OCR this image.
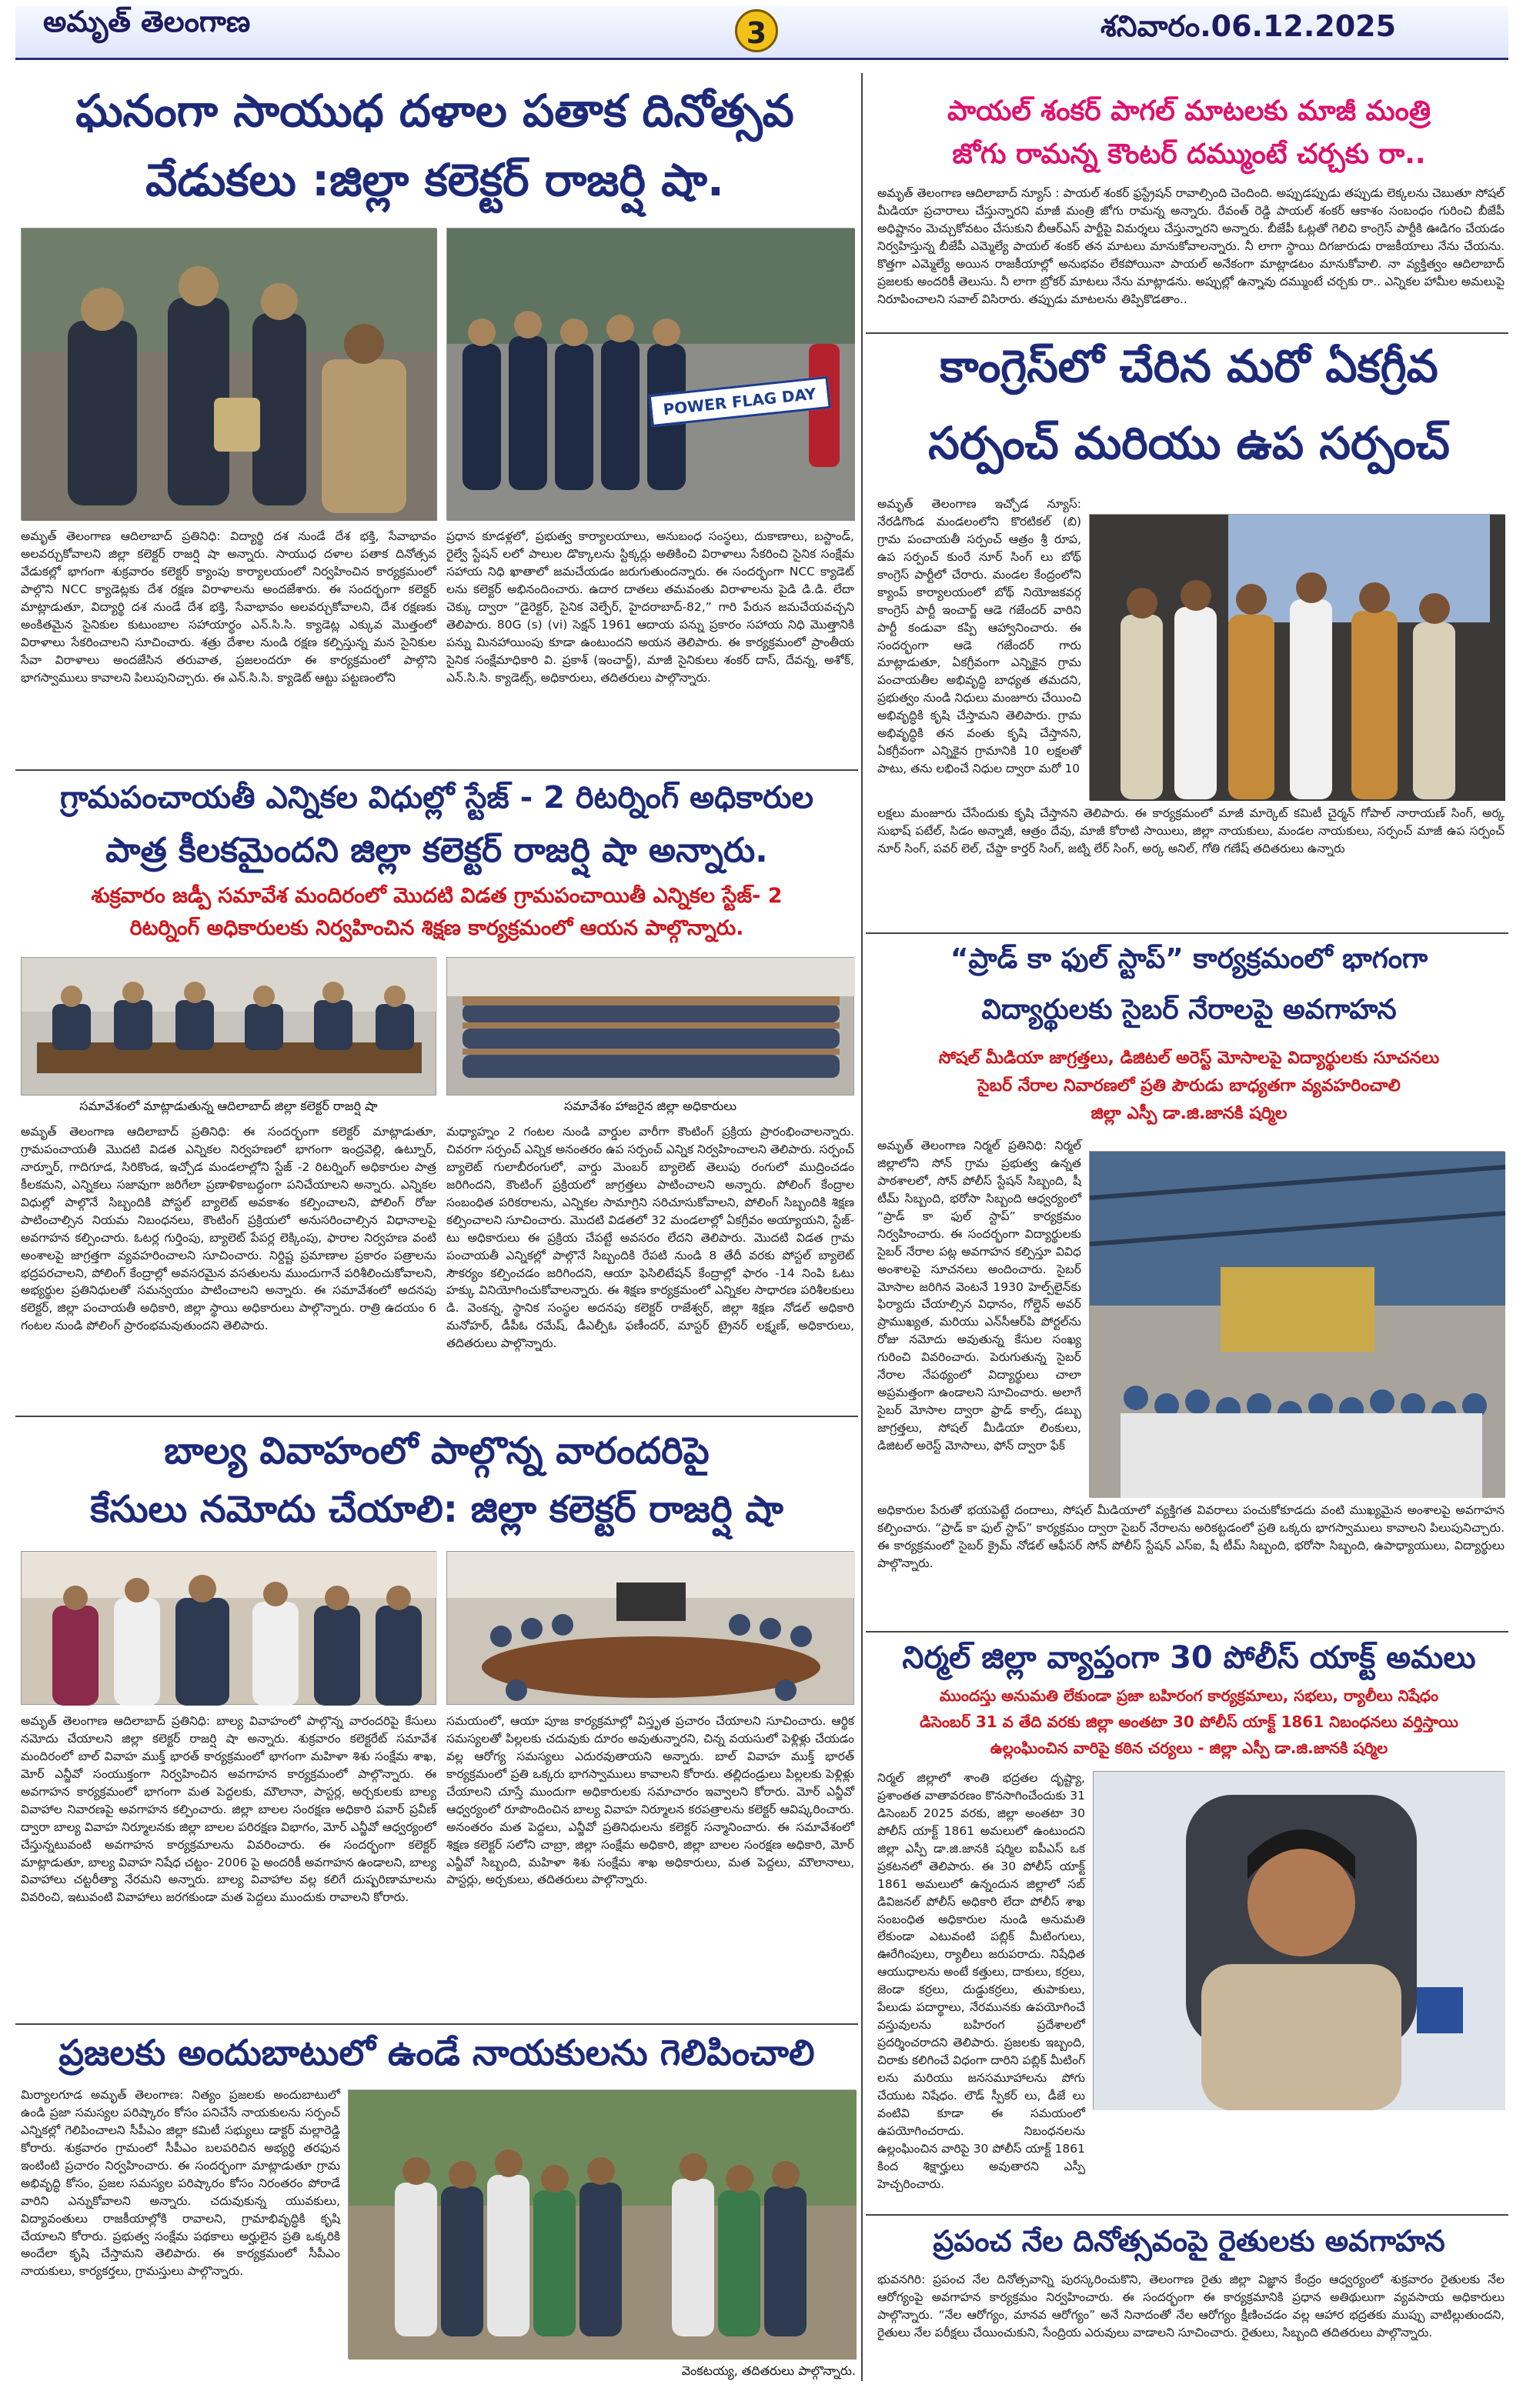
అమృత్ తెలంగాణ	3	శనివారం.06.12.2025
ఘనంగా సాయుధ దళాల పతాక దినోత్సవ
వేడుకలు :జిల్లా కలెక్టర్ రాజర్షి షా.
POWER FLAG DAY
అమృత్ తెలంగాణ ఆదిలాబాద్ ప్రతినిధి: విద్యార్థి దశ నుండే దేశ భక్తి, సేవాభావం అలవర్చుకోవాలని జిల్లా కలెక్టర్ రాజర్షి షా అన్నారు. సాయుధ దళాల పతాక దినోత్సవ వేడుకల్లో భాగంగా శుక్రవారం కలెక్టర్ క్యాంపు కార్యాలయంలో నిర్వహించిన కార్యక్రమంలో పాల్గొని NCC క్యాడెట్లకు దేశ రక్షణ విరాళాలను అందజేశారు. ఈ సందర్భంగా కలెక్టర్ మాట్లాడుతూ, విద్యార్థి దశ నుండే దేశ భక్తి, సేవాభావం అలవర్చుకోవాలని, దేశ రక్షణకు అంకితమైన సైనికుల కుటుంబాల సహాయార్థం ఎన్.సి.సి. క్యాడెట్ల ఎక్కువ మొత్తంలో విరాళాలు సేకరించాలని సూచించారు. శత్రు దేశాల నుండి రక్షణ కల్పిస్తున్న మన సైనికుల సేవా విరాళాలు అందజేసిన తరువాత, ప్రజలందరూ ఈ కార్యక్రమంలో పాల్గొని భాగస్వాములు కావాలని పిలుపునిచ్చారు. ఈ ఎన్.సి.సి. క్యాడెట్ ఆట్టు పట్టణంలోని
ప్రధాన కూడళ్లలో, ప్రభుత్వ కార్యాలయాలు, అనుబంధ సంస్థలు, దుకాణాలు, బస్టాండ్, రైల్వే స్టేషన్ లలో పాలుల డొక్కాలను స్టిక్కర్లు అతికించి విరాళాలు సేకరించి సైనిక సంక్షేమ సహాయ నిధి ఖాతాలో జమచేయడం జరుగుతుందన్నారు. ఈ సందర్భంగా NCC క్యాడెట్ లను కలెక్టర్ అభినందించారు. ఉదార దాతలు తమవంతు విరాళాలను పైడి డి.డి. లేదా చెక్కు ద్వారా “డైరెక్టర్, సైనిక వెల్ఫేర్, హైదరాబాద్-82,” గారి పేరున జమచేయవచ్చని తెలిపారు. 80G (s) (vi) సెక్షన్ 1961 ఆదాయ పన్ను ప్రకారం సహాయ నిధి మొత్తానికి పన్ను మినహాయింపు కూడా ఉంటుందని అయన తెలిపారు. ఈ కార్యక్రమంలో ప్రాంతీయ సైనిక సంక్షేమాధికారి వి. ప్రకాశ్ (ఇంచార్జ్), మాజీ సైనికులు శంకర్ దాస్, దేవన్న, అశోక్, ఎన్.సి.సి. క్యాడెట్స్, అధికారులు, తదితరులు పాల్గొన్నారు.
గ్రామపంచాయతీ ఎన్నికల విధుల్లో స్టేజ్ - 2 రిటర్నింగ్ అధికారుల
పాత్ర కీలకమైందని జిల్లా కలెక్టర్ రాజర్షి షా అన్నారు.
శుక్రవారం జడ్పీ సమావేశ మందిరంలో మొదటి విడత గ్రామపంచాయితీ ఎన్నికల స్టేజ్- 2
రిటర్నింగ్ అధికారులకు నిర్వహించిన శిక్షణ కార్యక్రమంలో ఆయన పాల్గొన్నారు.
సమావేశంలో మాట్లాడుతున్న ఆదిలాబాద్ జిల్లా కలెక్టర్ రాజర్షి షా	సమావేశం హాజరైన జిల్లా అధికారులు
అమృత్ తెలంగాణ ఆదిలాబాద్ ప్రతినిధి: ఈ సందర్భంగా కలెక్టర్ మాట్లాడుతూ, గ్రామపంచాయతీ మొదటి విడత ఎన్నికల నిర్వహణలో భాగంగా ఇంద్రవెల్లి, ఉట్నూర్, నార్నూర్, గాదిగూడ, సిరికొండ, ఇచ్చోడ మండలాల్లోని స్టేజ్ -2 రిటర్నింగ్ అధికారుల పాత్ర కీలకమని, ఎన్నికలు సజావుగా జరిగేలా ప్రణాళికాబద్ధంగా పనిచేయాలని అన్నారు. ఎన్నికల విధుల్లో పాల్గొనే సిబ్బందికి పోస్టల్ బ్యాలెట్ అవకాశం కల్పించాలని, పోలింగ్ రోజు పాటించాల్సిన నియమ నిబంధనలు, కౌంటింగ్ ప్రక్రియలో అనుసరించాల్సిన విధానాలపై అవగాహన కల్పించారు. ఓటర్ల గుర్తింపు, బ్యాలెట్ పేపర్ల లెక్కింపు, ఫారాల నిర్వహణ వంటి అంశాలపై జాగ్రత్తగా వ్యవహరించాలని సూచించారు. నిర్దిష్ట ప్రమాణాల ప్రకారం పత్రాలను భద్రపరచాలని, పోలింగ్ కేంద్రాల్లో అవసరమైన వసతులను ముందుగానే పరిశీలించుకోవాలని, అభ్యర్థుల ప్రతినిధులతో సమన్వయం పాటించాలని అన్నారు. ఈ సమావేశంలో అదనపు కలెక్టర్, జిల్లా పంచాయతీ అధికారి, జిల్లా స్థాయి అధికారులు పాల్గొన్నారు. రాత్రి ఉదయం 6 గంటల నుండి పోలింగ్ ప్రారంభమవుతుందని తెలిపారు.
మధ్యాహ్నం 2 గంటల నుండి వార్డుల వారీగా కౌంటింగ్ ప్రక్రియ ప్రారంభించాలన్నారు. చివరగా సర్పంచ్ ఎన్నిక అనంతరం ఉప సర్పంచ్ ఎన్నిక నిర్వహించాలని తెలిపారు. సర్పంచ్ బ్యాలెట్ గులాబీరంగులో, వార్డు మెంబర్ బ్యాలెట్ తెలుపు రంగులో ముద్రించడం జరిగిందని, కౌంటింగ్ ప్రక్రియలో జాగ్రత్తలు పాటించాలని అన్నారు. పోలింగ్ కేంద్రాల సంబంధిత పరికరాలను, ఎన్నికల సామాగ్రిని సరిచూసుకోవాలని, పోలింగ్ సిబ్బందికి శిక్షణ కల్పించాలని సూచించారు. మొదటి విడతలో 32 మండలాల్లో ఏకగ్రీవం అయ్యాయని, స్టేజ్- టు అధికారులు ఈ ప్రక్రియ చేపట్టే అవసరం లేదని తెలిపారు. మొదటి విడత గ్రామ పంచాయతీ ఎన్నికల్లో పాల్గొనే సిబ్బందికి రేపటి నుండి 8 తేదీ వరకు పోస్టల్ బ్యాలెట్ సౌకర్యం కల్పించడం జరిగిందని, ఆయా ఫెసిలిటేషన్ కేంద్రాల్లో ఫారం -14 నింపి ఓటు హక్కు వినియోగించుకోవాలన్నారు. ఈ శిక్షణ కార్యక్రమంలో ఎన్నికల సాధారణ పరిశీలకులు డి. వెంకన్న, స్థానిక సంస్థల అదనపు కలెక్టర్ రాజేశ్వర్, జిల్లా శిక్షణ నోడల్ అధికారి మనోహర్, డీపీఓ రమేష్, డీఎల్పీఓ ఫణీందర్, మాస్టర్ ట్రైనర్ లక్ష్మణ్, అధికారులు, తదితరులు పాల్గొన్నారు.
బాల్య వివాహంలో పాల్గొన్న వారందరిపై
కేసులు నమోదు చేయాలి: జిల్లా కలెక్టర్ రాజర్షి షా
అమృత్ తెలంగాణ ఆదిలాబాద్ ప్రతినిధి: బాల్య వివాహంలో పాల్గొన్న వారందరిపై కేసులు నమోదు చేయాలని జిల్లా కలెక్టర్ రాజర్షి షా అన్నారు. శుక్రవారం కలెక్టరేట్ సమావేశ మందిరంలో బాల్ వివాహ ముక్త్ భారత్ కార్యక్రమంలో భాగంగా మహిళా శిశు సంక్షేమ శాఖ, మోర్ ఎన్జీవో సంయుక్తంగా నిర్వహించిన అవగాహన కార్యక్రమంలో పాల్గొన్నారు. ఈ అవగాహన కార్యక్రమంలో భాగంగా మత పెద్దలకు, మౌలానా, పాస్టర్ల, అర్చకులకు బాల్య వివాహాల నివారణపై అవగాహన కల్పించారు. జిల్లా బాలల సంరక్షణ అధికారి పవార్ ప్రవీణ్ ద్వారా బాల్య వివాహ నిర్మూలనకు జిల్లా బాలల పరిరక్షణ విభాగం, మోర్ ఎన్జీవో ఆధ్వర్యంలో చేస్తున్నటువంటి అవగాహన కార్యక్రమాలను వివరించారు. ఈ సందర్భంగా కలెక్టర్ మాట్లాడుతూ, బాల్య వివాహ నిషేధ చట్టం- 2006 పై అందరికీ అవగాహన ఉండాలని, బాల్య వివాహాలు చట్టరీత్యా నేరమని అన్నారు. బాల్య వివాహాల వల్ల కలిగే దుష్పరిణామాలను వివరించి, ఇటువంటి వివాహాలు జరగకుండా మత పెద్దలు ముందుకు రావాలని కోరారు.
సమయంలో, ఆయా పూజ కార్యక్రమాల్లో విస్తృత ప్రచారం చేయాలని సూచించారు. ఆర్థిక సమస్యలతో పిల్లలకు చదువుకు దూరం అవుతున్నారని, చిన్న వయసులో పెళ్లిళ్లు చేయడం వల్ల ఆరోగ్య సమస్యలు ఎదురవుతాయని అన్నారు. బాల్ వివాహ ముక్త్ భారత్ కార్యక్రమంలో ప్రతి ఒక్కరు భాగస్వాములు కావాలని కోరారు. తల్లిదండ్రులు పిల్లలకు పెళ్లిళ్లు చేయాలని చూస్తే ముందుగా అధికారులకు సమాచారం ఇవ్వాలని కోరారు. మోర్ ఎన్జీవో ఆధ్వర్యంలో రూపొందించిన బాల్య వివాహ నిర్మూలన కరపత్రాలను కలెక్టర్ ఆవిష్కరించారు. అనంతరం మత పెద్దలు, ఎన్జీవో ప్రతినిధులను కలెక్టర్ సన్మానించారు. ఈ సమావేశంలో శిక్షణ కలెక్టర్ సలోని చాబ్రా, జిల్లా సంక్షేమ అధికారి, జిల్లా బాలల సంరక్షణ అధికారి, మోర్ ఎన్జీవో సిబ్బంది, మహిళా శిశు సంక్షేమ శాఖ అధికారులు, మత పెద్దలు, మౌలానాలు, పాస్టర్లు, అర్చకులు, తదితరులు పాల్గొన్నారు.
ప్రజలకు అందుబాటులో ఉండే నాయకులను గెలిపించాలి
మిర్యాలగూడ అమృత్ తెలంగాణ: నిత్యం ప్రజలకు అందుబాటులో ఉండి ప్రజా సమస్యల పరిష్కారం కోసం పనిచేసే నాయకులను సర్పంచ్ ఎన్నికల్లో గెలిపించాలని సీపీఎం జిల్లా కమిటీ సభ్యులు డాక్టర్ మల్లారెడ్డి కోరారు. శుక్రవారం గ్రామంలో సీపీఎం బలపరిచిన అభ్యర్థి తరఫున ఇంటింటి ప్రచారం నిర్వహించారు. ఈ సందర్భంగా మాట్లాడుతూ గ్రామ అభివృద్ధి కోసం, ప్రజల సమస్యల పరిష్కారం కోసం నిరంతరం పోరాడే వారిని ఎన్నుకోవాలని అన్నారు. చదువుకున్న యువకులు, విద్యావంతులు రాజకీయాల్లోకి రావాలని, గ్రామాభివృద్ధికి కృషి చేయాలని కోరారు. ప్రభుత్వ సంక్షేమ పథకాలు అర్హులైన ప్రతి ఒక్కరికి అందేలా కృషి చేస్తామని తెలిపారు. ఈ కార్యక్రమంలో సీపీఎం నాయకులు, కార్యకర్తలు, గ్రామస్తులు పాల్గొన్నారు.
వెంకటయ్య, తదితరులు పాల్గొన్నారు.
పాయల్ శంకర్ పాగల్ మాటలకు మాజీ మంత్రి
జోగు రామన్న కౌంటర్ దమ్ముంటే చర్చకు రా..
అమృత్ తెలంగాణ ఆదిలాబాద్ న్యూస్ : పాయల్ శంకర్ ఫ్రస్ట్రేషన్ రావాల్సింది చెందింది. అప్పుడప్పుడు తప్పుడు లెక్కలను చెబుతూ సోషల్ మీడియా ప్రచారాలు చేస్తున్నారని మాజీ మంత్రి జోగు రామన్న అన్నారు. రేవంత్ రెడ్డి పాయల్ శంకర్ ఆకాశం సంబంధం గురించి బీజేపీ అధిష్టానం మెచ్చుకోవటం చేసుకుని బీఆర్ఎస్ పార్టీపై విమర్శలు చేస్తున్నారని అన్నారు. బీజేపీ ఓట్లతో గెలిచి కాంగ్రెస్ పార్టీకి ఊడిగం చేయడం నిర్వహిస్తున్న బీజేపీ ఎమ్మెల్యే పాయల్ శంకర్ తన మాటలు మానుకోవాలన్నారు. నీ లాగా స్థాయి దిగజారుడు రాజకీయాలు నేను చేయను. కొత్తగా ఎమ్మెల్యే అయిన రాజకీయాల్లో అనుభవం లేకపోయినా పాయల్ అనేకంగా మాట్లాడటం మానుకోవాలి. నా వ్యక్తిత్వం ఆదిలాబాద్ ప్రజలకు అందరికీ తెలుసు. నీ లాగా బ్రోకర్ మాటలు నేను మాట్లాడను. అప్పుల్లో ఉన్నావు దమ్ముంటే చర్చకు రా.. ఎన్నికల హామీల అమలుపై నిరూపించాలని సవాల్ విసిరారు. తప్పుడు మాటలను తిప్పికొడతాం..
కాంగ్రెస్‌లో చేరిన మరో ఏకగ్రీవ
సర్పంచ్ మరియు ఉప సర్పంచ్
అమృత్ తెలంగాణ ఇచ్చోడ న్యూస్: నేరడిగొండ మండలంలోని కొరటికల్ (బి) గ్రామ పంచాయతీ సర్పంచ్ ఆత్రం శ్రీ రూప, ఉప సర్పంచ్ కుంరే నూర్ సింగ్ లు బోథ్ కాంగ్రెస్ పార్టీలో చేరారు. మండల కేంద్రంలోని క్యాంప్ కార్యాలయంలో బోథ్ నియోజకవర్గ కాంగ్రెస్ పార్టీ ఇంచార్జ్ ఆడె గజేందర్ వారిని పార్టీ కండువా కప్పి ఆహ్వానించారు. ఈ సందర్భంగా ఆడె గజేందర్ గారు మాట్లాడుతూ, ఏకగ్రీవంగా ఎన్నికైన గ్రామ పంచాయతీల అభివృద్ధి బాధ్యత తమదని, ప్రభుత్వం నుండి నిధులు మంజూరు చేయించి అభివృద్ధికి కృషి చేస్తామని తెలిపారు. గ్రామ అభివృద్ధికి తన వంతు కృషి చేస్తానని, ఏకగ్రీవంగా ఎన్నికైన గ్రామానికి 10 లక్షలతో పాటు, తను లభించే నిధుల ద్వారా మరో 10
లక్షలు మంజూరు చేసేందుకు కృషి చేస్తానని తెలిపారు. ఈ కార్యక్రమంలో మాజీ మార్కెట్ కమిటీ చైర్మన్ గోపాల్ నారాయణ్ సింగ్, అర్క సుభాష్ పటేల్, సిడం అన్నాజీ, ఆత్రం దేవు, మాజీ కోరాటి సాయిలు, జిల్లా నాయకులు, మండల నాయకులు, సర్పంచ్ మాజీ ఉప సర్పంచ్ నూర్ సింగ్, పవర్ లెల్, చేప్డా కార్తర్ సింగ్, జట్ని లేర్ సింగ్, అర్క అనిల్, గోతి గణేష్ తదితరులు ఉన్నారు
“ప్రాడ్ కా ఫుల్ స్టాప్” కార్యక్రమంలో భాగంగా
విద్యార్థులకు సైబర్ నేరాలపై అవగాహన
సోషల్ మీడియా జాగ్రత్తలు, డిజిటల్ అరెస్ట్ మోసాలపై విద్యార్థులకు సూచనలు
సైబర్ నేరాల నివారణలో ప్రతి పౌరుడు బాధ్యతగా వ్యవహరించాలి
జిల్లా ఎస్పీ డా.జి.జానకి షర్మిల
అమృత్ తెలంగాణ నిర్మల్ ప్రతినిధి: నిర్మల్ జిల్లాలోని సోన్ గ్రామ ప్రభుత్వ ఉన్నత పాఠశాలలో, సోన్ పోలీస్ స్టేషన్ సిబ్బంది, షీ టీమ్ సిబ్బంది, భరోసా సిబ్బంది ఆధ్వర్యంలో “ప్రాడ్ కా ఫుల్ స్టాప్” కార్యక్రమం నిర్వహించారు. ఈ సందర్భంగా విద్యార్థులకు సైబర్ నేరాల పట్ల అవగాహన కల్పిస్తూ వివిధ అంశాలపై సూచనలు అందించారు. సైబర్ మోసాల జరిగిన వెంటనే 1930 హెల్ప్‌లైన్‌కు ఫిర్యాదు చేయాల్సిన విధానం, గోల్డెన్ అవర్ ప్రాముఖ్యత, మరియు ఎన్‌సీఆర్‌పి పోర్టల్‌ను రోజు నమోదు అవుతున్న కేసుల సంఖ్య గురించి వివరించారు. పెరుగుతున్న సైబర్ నేరాల నేపథ్యంలో విద్యార్థులు చాలా అప్రమత్తంగా ఉండాలని సూచించారు. అలాగే సైబర్ మోసాల ద్వారా ఫ్రాడ్ కాల్స్, డబ్బు జాగ్రత్తలు, సోషల్ మీడియా లింకులు, డిజిటల్ అరెస్ట్ మోసాలు, ఫోన్ ద్వారా ఫేక్
అధికారుల పేరుతో భయపెట్టే దందాలు, సోషల్ మీడియాలో వ్యక్తిగత వివరాలు పంచుకోకూడదు వంటి ముఖ్యమైన అంశాలపై అవగాహన కల్పించారు. “ప్రాడ్ కా ఫుల్ స్టాప్” కార్యక్రమం ద్వారా సైబర్ నేరాలను అరికట్టడంలో ప్రతి ఒక్కరు భాగస్వాములు కావాలని పిలుపునిచ్చారు. ఈ కార్యక్రమంలో సైబర్ క్రైమ్ నోడల్ ఆఫీసర్ సోన్ పోలీస్ స్టేషన్ ఎస్ఐ, షీ టీమ్ సిబ్బంది, భరోసా సిబ్బంది, ఉపాధ్యాయులు, విద్యార్థులు పాల్గొన్నారు.
నిర్మల్ జిల్లా వ్యాప్తంగా 30 పోలీస్ యాక్ట్ అమలు
ముందస్తు అనుమతి లేకుండా ప్రజా బహిరంగ కార్యక్రమాలు, సభలు, ర్యాలీలు నిషేధం
డిసెంబర్ 31 వ తేది వరకు జిల్లా అంతటా 30 పోలీస్ యాక్ట్ 1861 నిబంధనలు వర్తిస్తాయి
ఉల్లంఘించిన వారిపై కఠిన చర్యలు - జిల్లా ఎస్పీ డా.జి.జానకి షర్మిల
నిర్మల్ జిల్లాలో శాంతి భద్రతల దృష్ట్యా, ప్రశాంతత వాతావరణం కొనసాగించేందుకు 31 డిసెంబర్ 2025 వరకు, జిల్లా అంతటా 30 పోలీస్ యాక్ట్ 1861 అమలులో ఉంటుందని జిల్లా ఎస్పీ డా.జి.జానకి షర్మిల ఐపీఎస్ ఒక ప్రకటనలో తెలిపారు. ఈ 30 పోలీస్ యాక్ట్ 1861 అమలులో ఉన్నందున జిల్లాలో సబ్ డివిజనల్ పోలీస్ అధికారి లేదా పోలీస్ శాఖ సంబంధిత అధికారుల నుండి అనుమతి లేకుండా ఎటువంటి పబ్లిక్ మీటింగులు, ఊరేగింపులు, ర్యాలీలు జరుపరాదు. నిషేధిత ఆయుధాలను అంటే కత్తులు, దాకులు, కర్రలు, జెండా కర్రలు, దుడ్డుకర్రలు, తుపాకులు, పేలుడు పదార్థాలు, నేరమునకు ఉపయోగించే వస్తువులను బహిరంగ ప్రదేశాలలో ప్రదర్శించరాదని తెలిపారు. ప్రజలకు ఇబ్బంది, చిరాకు కలిగించే విధంగా దారిని పబ్లిక్ మీటింగ్ లను మరియు జనసమూహాలను పోగు చేయుట నిషేధం. లౌడ్ స్పీకర్ లు, డీజే లు వంటివి కూడా ఈ సమయంలో ఉపయోగించరాదు. నిబంధనలను ఉల్లంఘించిన వారిపై 30 పోలీస్ యాక్ట్ 1861 కింద శిక్షార్హులు అవుతారని ఎస్పీ హెచ్చరించారు.
ప్రపంచ నేల దినోత్సవంపై రైతులకు అవగాహన
భువనగిరి: ప్రపంచ నేల దినోత్సవాన్ని పురస్కరించుకొని, తెలంగాణ రైతు జిల్లా విజ్ఞాన కేంద్రం ఆధ్వర్యంలో శుక్రవారం రైతులకు నేల ఆరోగ్యంపై అవగాహన కార్యక్రమం నిర్వహించారు. ఈ సందర్భంగా ఈ కార్యక్రమానికి ప్రధాన అతిథులుగా వ్యవసాయ అధికారులు పాల్గొన్నారు. “నేల ఆరోగ్యం, మానవ ఆరోగ్యం” అనే నినాదంతో నేల ఆరోగ్యం క్షీణించడం వల్ల ఆహార భద్రతకు ముప్పు వాటిల్లుతుందని, రైతులు నేల పరీక్షలు చేయించుకుని, సేంద్రియ ఎరువులు వాడాలని సూచించారు. రైతులు, సిబ్బంది తదితరులు పాల్గొన్నారు.
